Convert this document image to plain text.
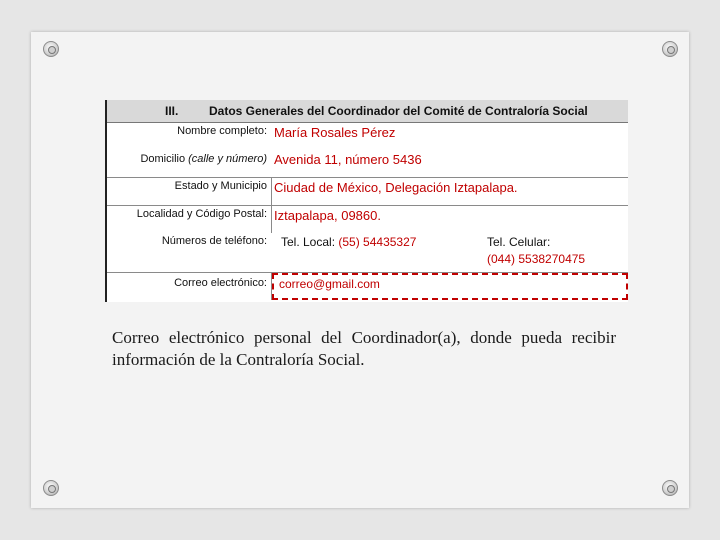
III.	Datos Generales del Coordinador del Comité de Contraloría Social
Nombre completo: María Rosales Pérez
Domicilio (calle y número) Avenida 11, número 5436
Estado y Municipio Ciudad de México, Delegación Iztapalapa.
Localidad y Código Postal: Iztapalapa, 09860.
Números de teléfono: Tel. Local: (55) 54435327	Tel. Celular:
(044) 5538270475
Correo electrónico: correo@gmail.com
Correo electrónico personal del Coordinador(a), donde pueda recibir información de la Contraloría Social.
